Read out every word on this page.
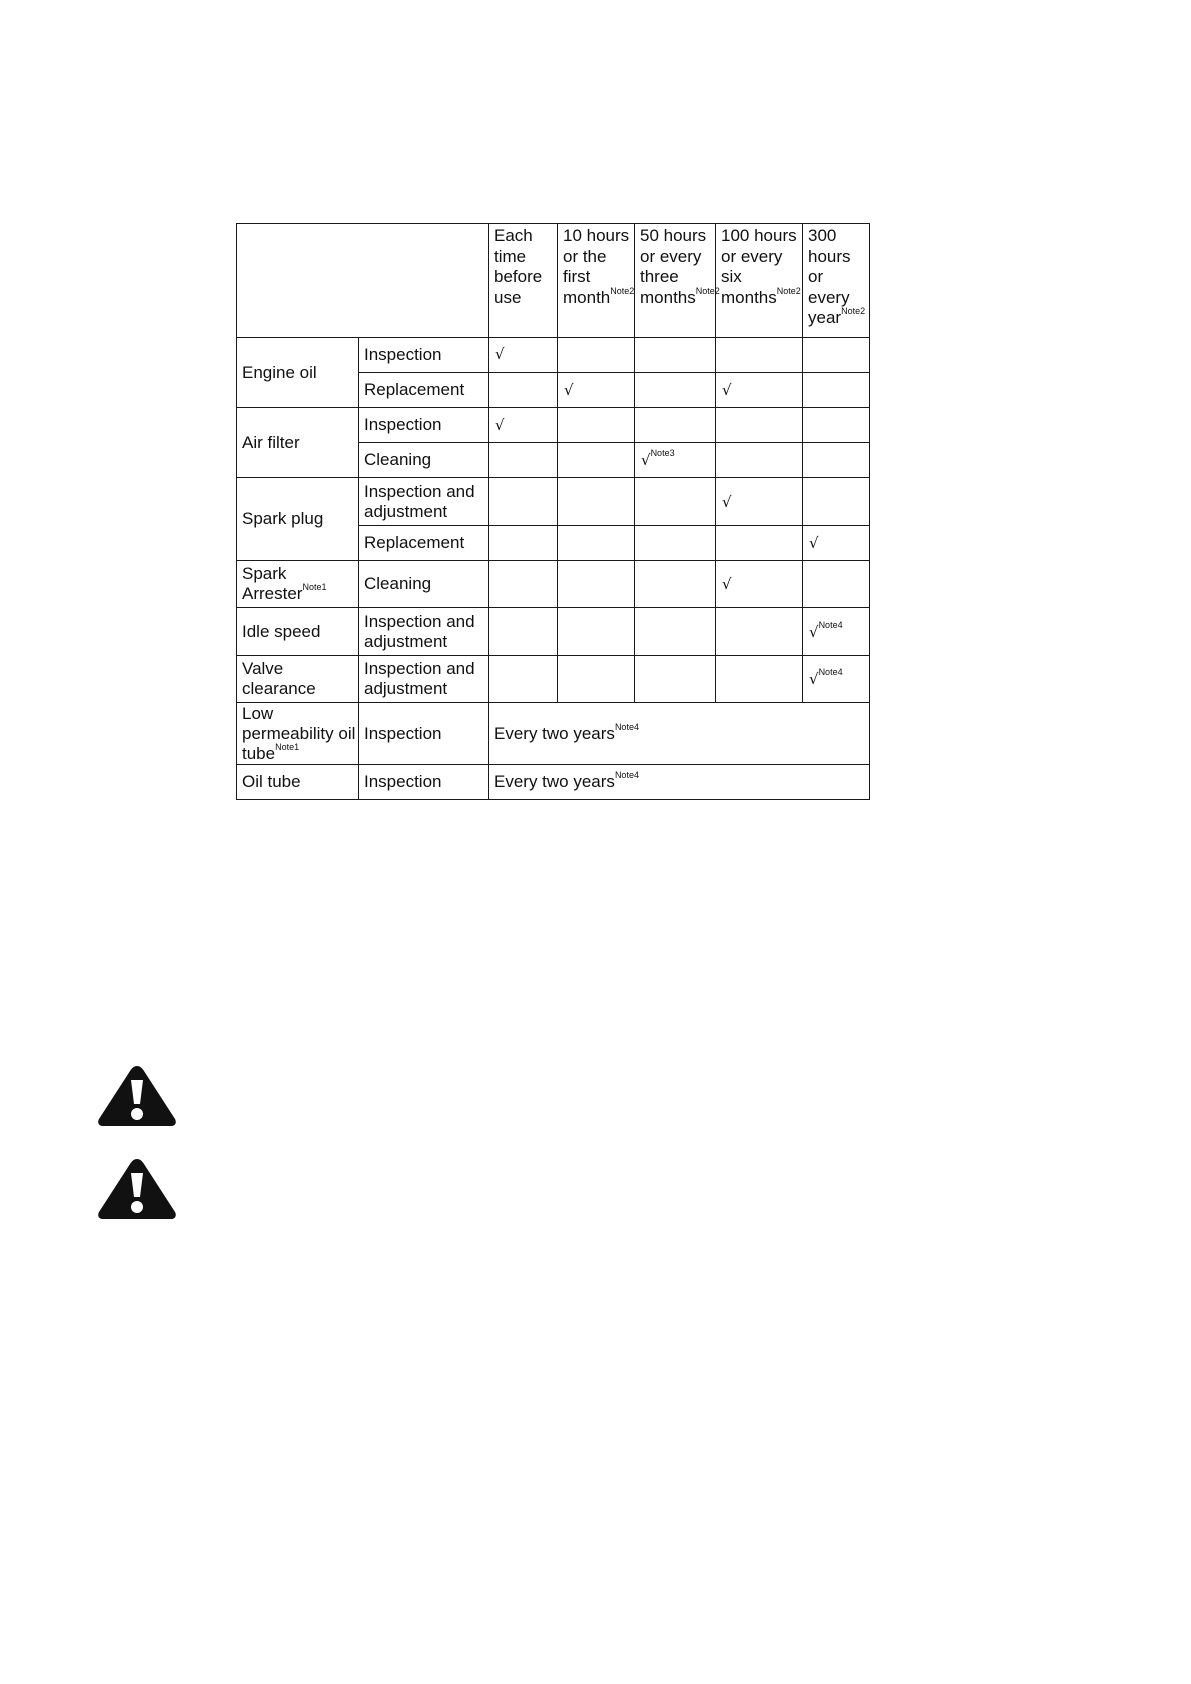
		Each time before use	10 hours or the first month$^{Note2}$	50 hours or every three months$^{Note2}$	100 hours or every six months$^{Note2}$	300 hours or every year$^{Note2}$
Engine oil	Inspection	√				
	Replacement		√		√	
Air filter	Inspection	√				
	Cleaning			√$^{Note3}$		
Spark plug	Inspection and adjustment				√	
	Replacement					√
Spark Arrester$^{Note1}$	Cleaning				√	
Idle speed	Inspection and adjustment					√$^{Note4}$
Valve clearance	Inspection and adjustment					√$^{Note4}$
Low permeability oil tube$^{Note1}$	Inspection	Every two years$^{Note4}$
Oil tube	Inspection	Every two years$^{Note4}$
